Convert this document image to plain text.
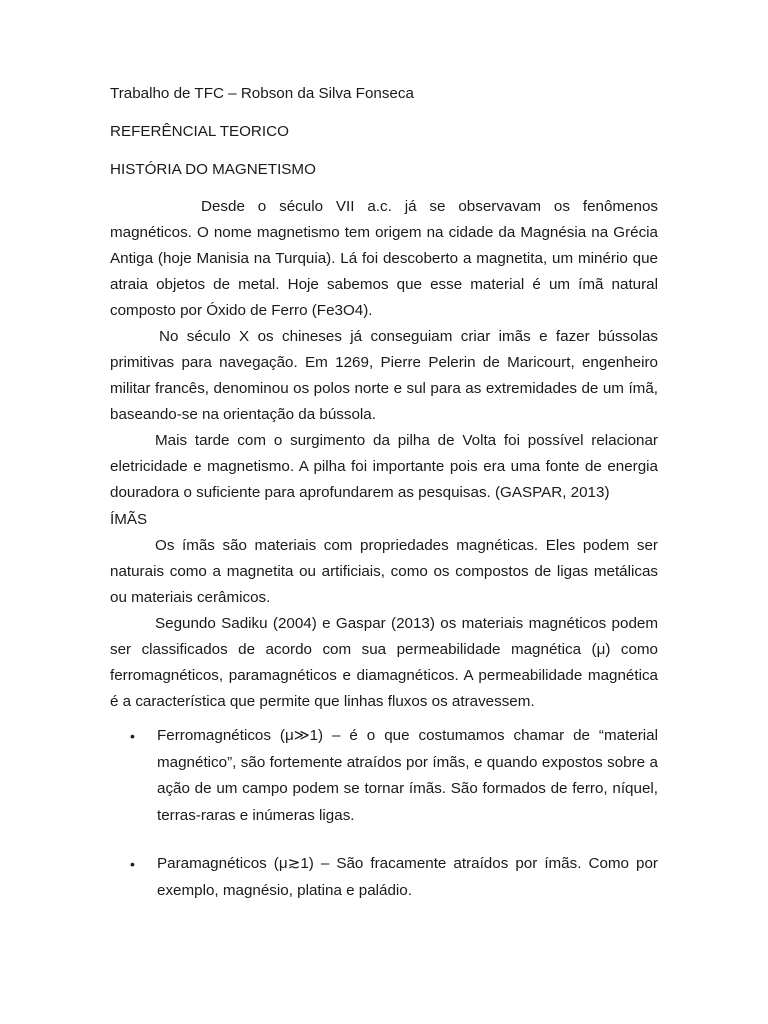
Trabalho de TFC – Robson da Silva Fonseca
REFERÊNCIAL TEORICO
HISTÓRIA DO MAGNETISMO

Desde o século VII a.c. já se observavam os fenômenos magnéticos. O nome magnetismo tem origem na cidade da Magnésia na Grécia Antiga (hoje Manisia na Turquia). Lá foi descoberto a magnetita, um minério que atraia objetos de metal. Hoje sabemos que esse material é um ímã natural composto por Óxido de Ferro (Fe3O4).

No século X os chineses já conseguiam criar imãs e fazer bússolas primitivas para navegação. Em 1269, Pierre Pelerin de Maricourt, engenheiro militar francês, denominou os polos norte e sul para as extremidades de um ímã, baseando-se na orientação da bússola.

Mais tarde com o surgimento da pilha de Volta foi possível relacionar eletricidade e magnetismo. A pilha foi importante pois era uma fonte de energia douradora o suficiente para aprofundarem as pesquisas. (GASPAR, 2013)

ÍMÃS

Os ímãs são materiais com propriedades magnéticas. Eles podem ser naturais como a magnetita ou artificiais, como os compostos de ligas metálicas ou materiais cerâmicos.

Segundo Sadiku (2004) e Gaspar (2013) os materiais magnéticos podem ser classificados de acordo com sua permeabilidade magnética (μ) como ferromagnéticos, paramagnéticos e diamagnéticos. A permeabilidade magnética é a característica que permite que linhas fluxos os atravessem.

• Ferromagnéticos (μ≫1) – é o que costumamos chamar de “material magnético”, são fortemente atraídos por ímãs, e quando expostos sobre a ação de um campo podem se tornar ímãs. São formados de ferro, níquel, terras-raras e inúmeras ligas.
• Paramagnéticos (μ≳1) – São fracamente atraídos por ímãs. Como por exemplo, magnésio, platina e paládio.
